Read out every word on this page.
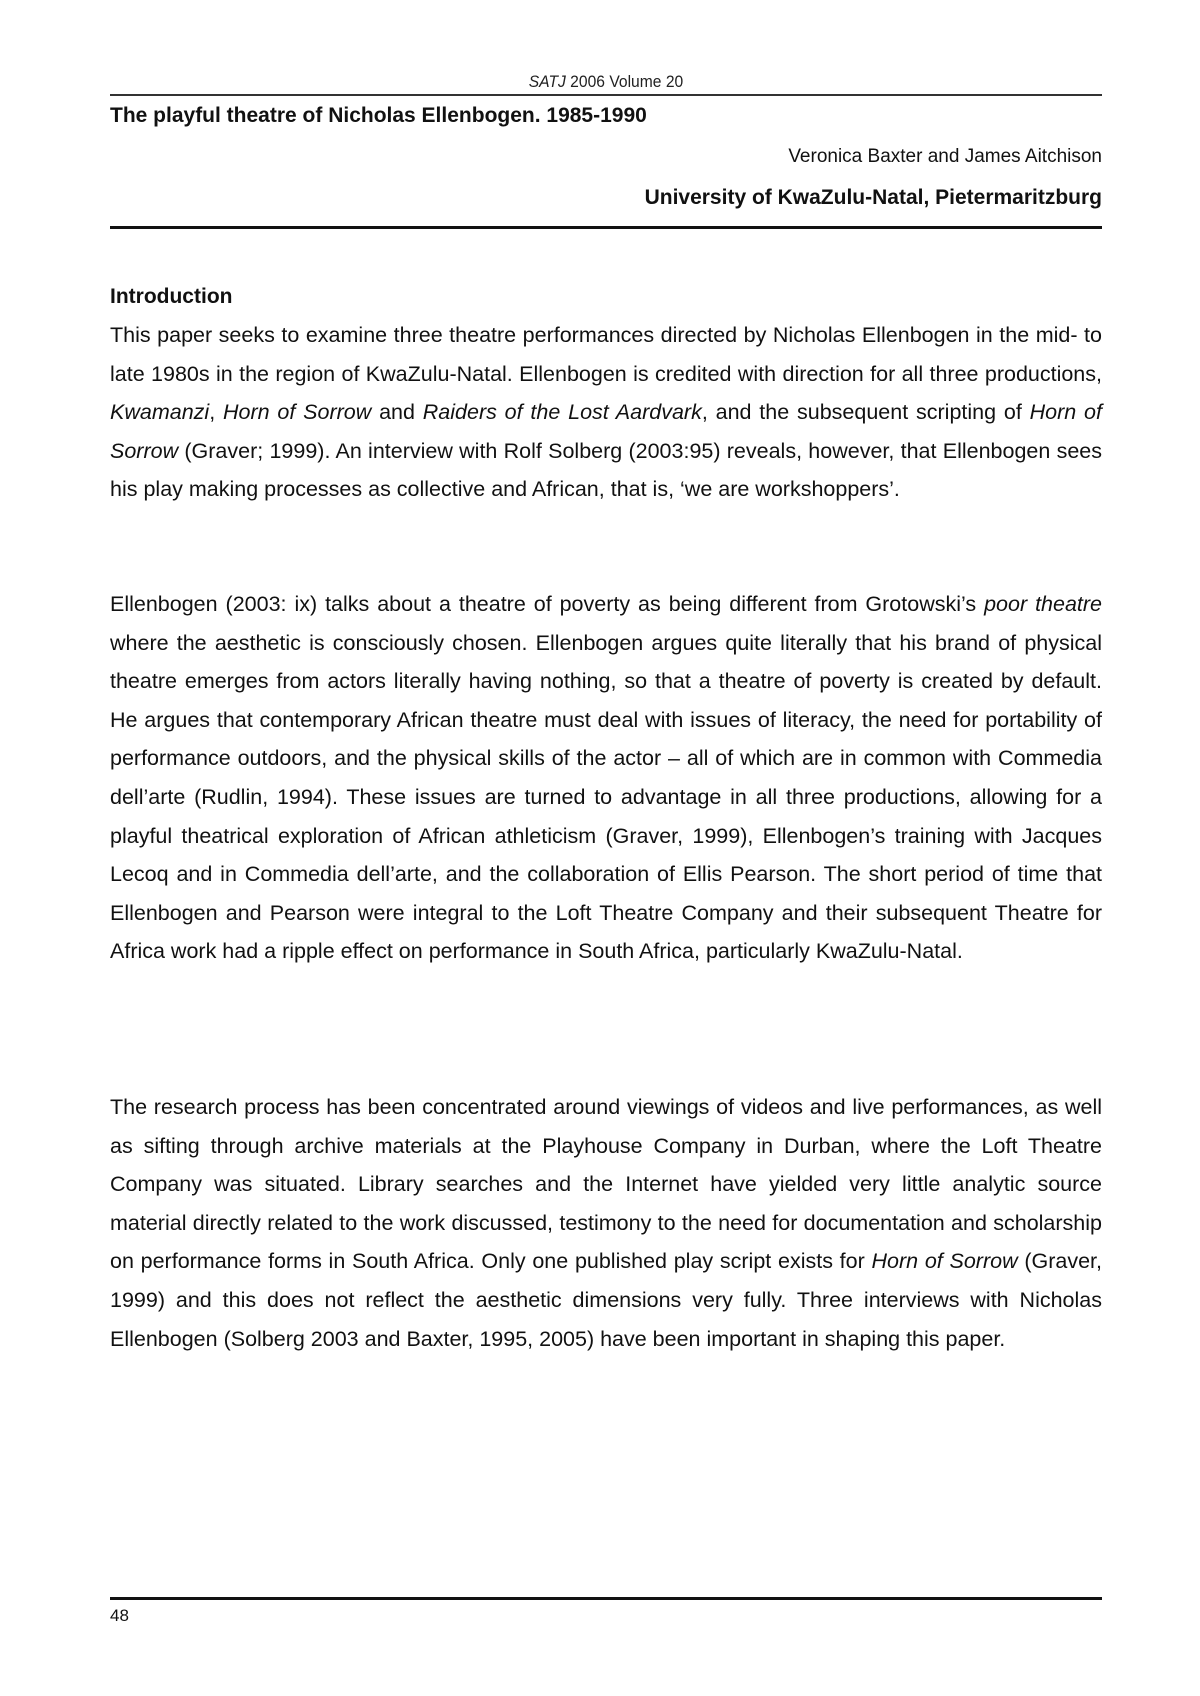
SATJ 2006 Volume 20
The playful theatre of Nicholas Ellenbogen. 1985-1990
Veronica Baxter and James Aitchison
University of KwaZulu-Natal, Pietermaritzburg
Introduction
This paper seeks to examine three theatre performances directed by Nicholas Ellenbogen in the mid- to late 1980s in the region of KwaZulu-Natal. Ellenbogen is credited with direction for all three productions, Kwamanzi, Horn of Sorrow and Raiders of the Lost Aardvark, and the subsequent scripting of Horn of Sorrow (Graver; 1999). An interview with Rolf Solberg (2003:95) reveals, however, that Ellenbogen sees his play making processes as collective and African, that is, ‘we are workshoppers’.
Ellenbogen (2003: ix) talks about a theatre of poverty as being different from Grotowski’s poor theatre where the aesthetic is consciously chosen. Ellenbogen argues quite literally that his brand of physical theatre emerges from actors literally having nothing, so that a theatre of poverty is created by default. He argues that contemporary African theatre must deal with issues of literacy, the need for portability of performance outdoors, and the physical skills of the actor – all of which are in common with Commedia dell’arte (Rudlin, 1994). These issues are turned to advantage in all three productions, allowing for a playful theatrical exploration of African athleticism (Graver, 1999), Ellenbogen’s training with Jacques Lecoq and in Commedia dell’arte, and the collaboration of Ellis Pearson. The short period of time that Ellenbogen and Pearson were integral to the Loft Theatre Company and their subsequent Theatre for Africa work had a ripple effect on performance in South Africa, particularly KwaZulu-Natal.
The research process has been concentrated around viewings of videos and live performances, as well as sifting through archive materials at the Playhouse Company in Durban, where the Loft Theatre Company was situated. Library searches and the Internet have yielded very little analytic source material directly related to the work discussed, testimony to the need for documentation and scholarship on performance forms in South Africa. Only one published play script exists for Horn of Sorrow (Graver, 1999) and this does not reflect the aesthetic dimensions very fully. Three interviews with Nicholas Ellenbogen (Solberg 2003 and Baxter, 1995, 2005) have been important in shaping this paper.
48
